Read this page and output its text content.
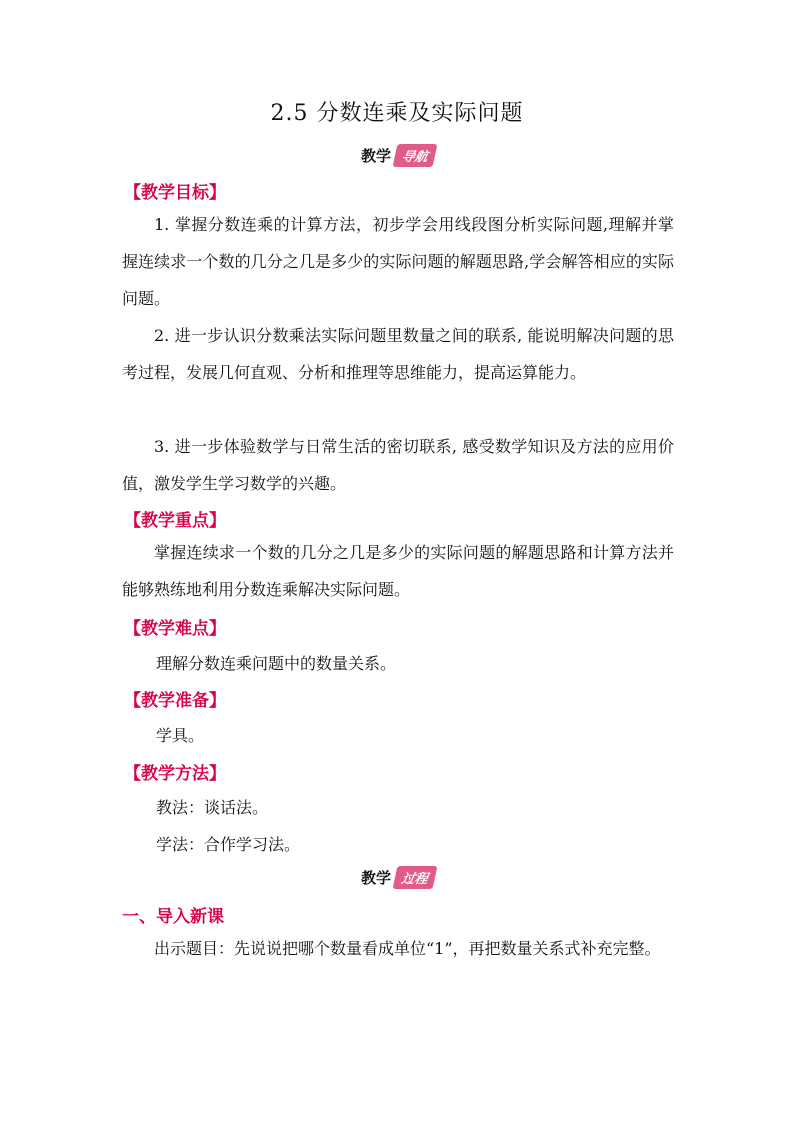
2.5 分数连乘及实际问题
教学 导航
【教学目标】
1. 掌握分数连乘的计算方法，初步学会用线段图分析实际问题,理解并掌握连续求一个数的几分之几是多少的实际问题的解题思路,学会解答相应的实际问题。
2. 进一步认识分数乘法实际问题里数量之间的联系, 能说明解决问题的思考过程，发展几何直观、分析和推理等思维能力，提高运算能力。
3. 进一步体验数学与日常生活的密切联系, 感受数学知识及方法的应用价值，激发学生学习数学的兴趣。
【教学重点】
掌握连续求一个数的几分之几是多少的实际问题的解题思路和计算方法并能够熟练地利用分数连乘解决实际问题。
【教学难点】
理解分数连乘问题中的数量关系。
【教学准备】
学具。
【教学方法】
教法：谈话法。
学法：合作学习法。
教学 过程
一、导入新课
出示题目：先说说把哪个数量看成单位“1”，再把数量关系式补充完整。
